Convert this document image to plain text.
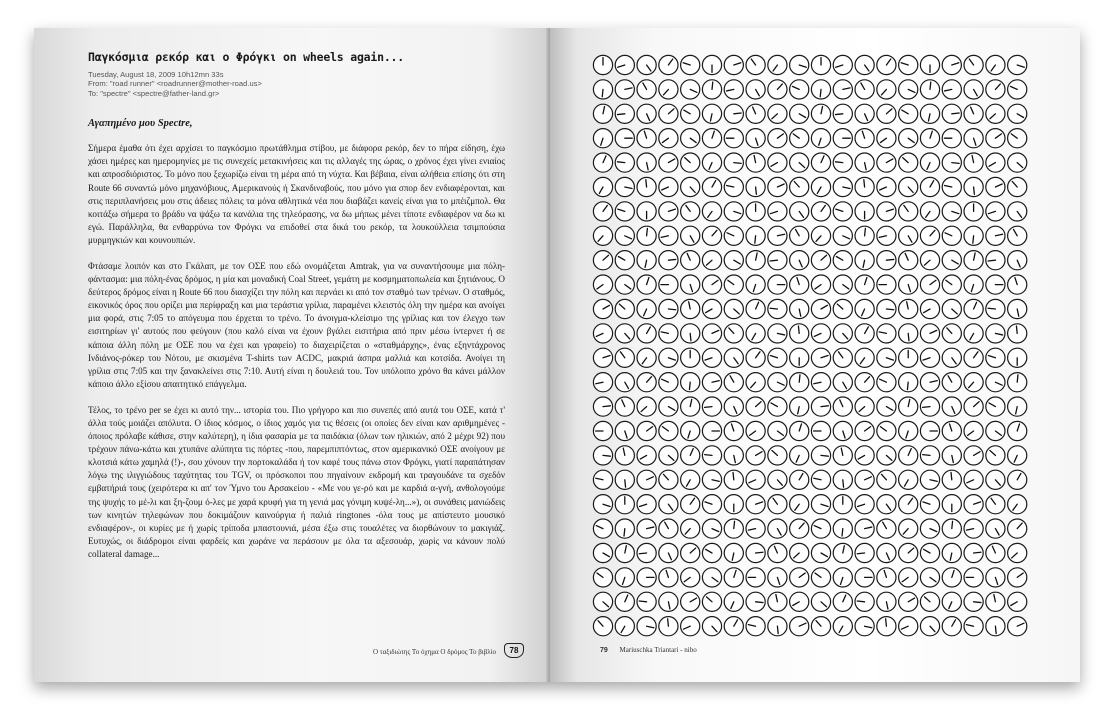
Παγκόσμια ρεκόρ και ο Φρόγκι on wheels again...
Tuesday, August 18, 2009 10h12mn 33s
From: "road runner" <roadrunner@mother-road.us>
To: "spectre" <spectre@father-land.gr>
Αγαπημένο μου Spectre,

Σήμερα έμαθα ότι έχει αρχίσει το παγκόσμιο πρωτάθλημα στίβου, με διάφορα ρεκόρ, δεν το πήρα είδηση, έχω χάσει ημέρες και ημερομηνίες με τις συνεχείς μετακινήσεις και τις αλλαγές της ώρας, ο χρόνος έχει γίνει ενιαίος και απροσδιόριστος. Το μόνο που ξεχωρίζω είναι τη μέρα από τη νύχτα. Και βέβαια, είναι αλήθεια επίσης ότι στη Route 66 συναντώ μόνο μηχανόβιους, Αμερικανούς ή Σκανδιναβούς, που μόνο για σπορ δεν ενδιαφέρονται, και στις περιπλανήσεις μου στις άδειες πόλεις τα μόνα αθλητικά νέα που διαβάζει κανείς είναι για το μπέιζμπολ. Θα κοιτάξω σήμερα το βράδυ να ψάξω τα κανάλια της τηλεόρασης, να δω μήπως μένει τίποτε ενδιαφέρον να δω κι εγώ. Παράλληλα, θα ενθαρρύνω τον Φρόγκι να επιδοθεί στα δικά του ρεκόρ, τα λουκούλλεια τσιμπούσια μυρμηγκιών και κουνουπιών.

Φτάσαμε λοιπόν και στο Γκάλαπ, με τον ΟΣΕ που εδώ ονομάζεται Amtrak, για να συναντήσουμε μια πόλη-φάντασμα: μια πόλη-ένας δρόμος, η μία και μοναδική Coal Street, γεμάτη με κοσμηματοπωλεία και ξητιάνους. Ο δεύτερος δρόμος είναι η Route 66 που διασχίζει την πόλη και περνάει κι από τον σταθμό των τρένων. Ο σταθμός, εικονικός όρος που ορίζει μια περίφραξη και μια τεράστια γρίλια, παραμένει κλειστός όλη την ημέρα και ανοίγει μια φορά, στις 7:05 το απόγευμα που έρχεται το τρένο. Το άνοιγμα-κλείσιμο της γρίλιας και τον έλεγχο των εισιτηρίων γι' αυτούς που φεύγουν (που καλό είναι να έχουν βγάλει εισιτήρια από πριν μέσω ίντερνετ ή σε κάποια άλλη πόλη με ΟΣΕ που να έχει και γραφείο) το διαχειρίζεται ο «σταθμάρχης», ένας εξηντάχρονος Ινδιάνος-ρόκερ του Νότου, με σκισμένα T-shirts των ACDC, μακριά άσπρα μαλλιά και κοτσίδα. Ανοίγει τη γρίλια στις 7:05 και την ξανακλείνει στις 7:10. Αυτή είναι η δουλειά του. Τον υπόλοιπο χρόνο θα κάνει μάλλον κάποιο άλλο εξίσου απαιτητικό επάγγελμα.

Τέλος, το τρένο per se έχει κι αυτό την... ιστορία του. Πιο γρήγορο και πιο συνεπές από αυτά του ΟΣΕ, κατά τ' άλλα τούς μοιάζει απόλυτα. Ο ίδιος κόσμος, ο ίδιος χαμός για τις θέσεις (οι οποίες δεν είναι καν αριθμημένες - όποιος πρόλαβε κάθισε, στην καλύτερη), η ίδια φασαρία με τα παιδάκια (όλων των ηλικιών, από 2 μέχρι 92) που τρέχουν πάνω-κάτω και χτυπάνε αλύπητα τις πόρτες -που, παρεμπιπτόντως, στον αμερικανικό ΟΣΕ ανοίγουν με κλοτσιά κάτω χαμηλά (!)-, σου χύνουν την πορτοκαλάδα ή τον καφέ τους πάνω στον Φρόγκι, γιατί παραπάτησαν λόγω της ιλιγγιώδους ταχύτητας του TGV, οι πρόσκοποι που πηγαίνουν εκδρομή και τραγουδάνε τα σχεδόν εμβατήριά τους (χειρότερα κι απ' τον Ύμνο του Αρσακείου - «Με νου γε-ρό και με καρδιά α-γνή, ανθολογούμε της ψυχής το μέ-λι και ξη-ζουμ ό-λες με χαρά κρυφή για τη γενιά μας γόνιμη κυψέ-λη...»), οι συνάθεις μανιώδεις των κινητών τηλεφώνων που δοκιμάζουν καινούργια ή παλιά ringtones -όλα τους με απίστευτο μουσικό ενδιαφέρον-, οι κυρίες με ή χωρίς τρίποδα μπαστουνιά, μέσα έξω στις τουαλέτες να διορθώνουν το μακιγιάζ. Ευτυχώς, οι διάδρομοι είναι φαρδείς και χωράνε να περάσουν με όλα τα αξεσουάρ, χωρίς να κάνουν πολύ collateral damage...

Ο ταξιδιώτης Το όχημα Ο δρόμος Το βιβλίο	78	79 Mariuschka Triantari - nibo
